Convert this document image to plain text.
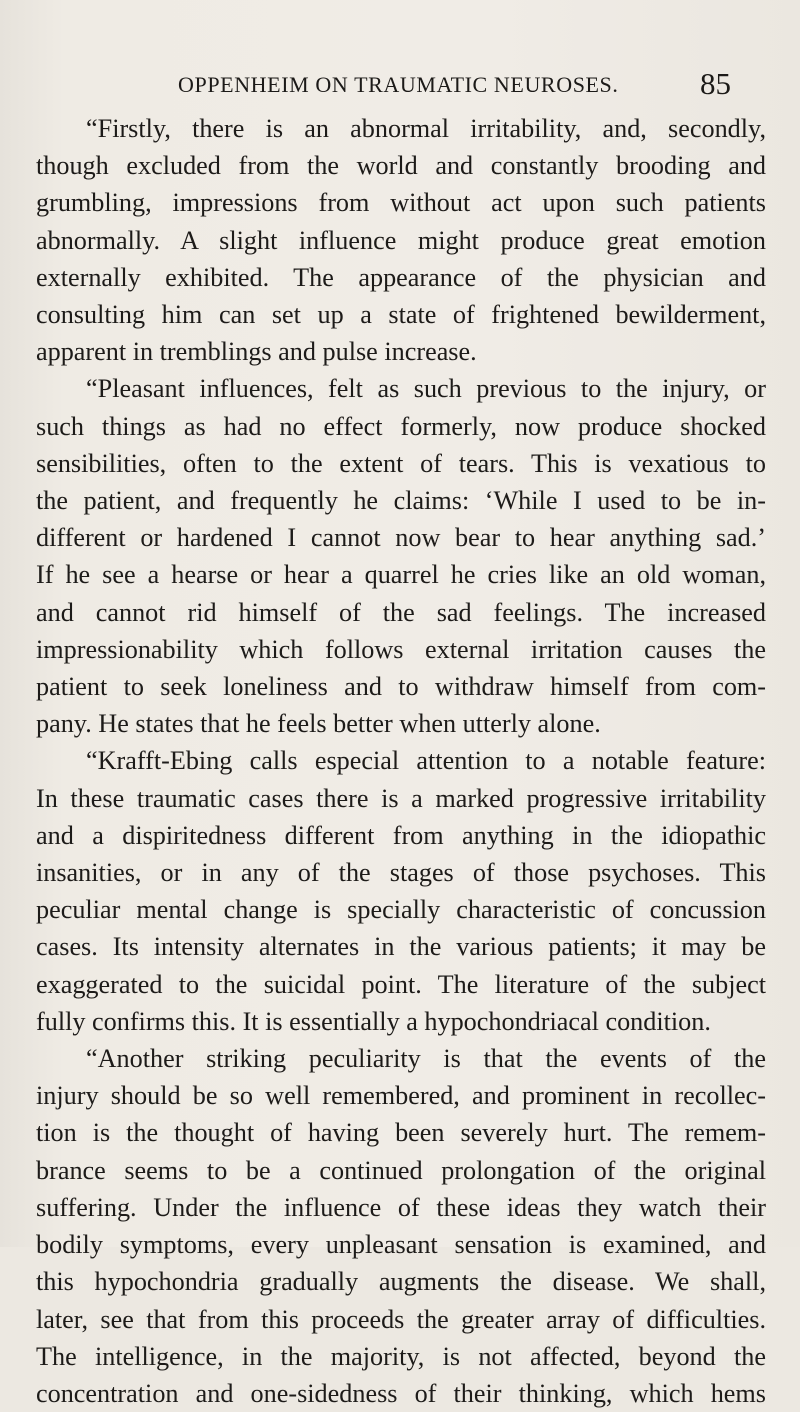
OPPENHEIM ON TRAUMATIC NEUROSES.	85
“Firstly, there is an abnormal irritability, and, secondly,
though excluded from the world and constantly brooding and
grumbling, impressions from without act upon such patients
abnormally. A slight influence might produce great emotion
externally exhibited. The appearance of the physician and
consulting him can set up a state of frightened bewilderment,
apparent in tremblings and pulse increase.
“Pleasant influences, felt as such previous to the injury, or
such things as had no effect formerly, now produce shocked
sensibilities, often to the extent of tears. This is vexatious to
the patient, and frequently he claims: ‘While I used to be in-
different or hardened I cannot now bear to hear anything sad.’
If he see a hearse or hear a quarrel he cries like an old woman,
and cannot rid himself of the sad feelings. The increased
impressionability which follows external irritation causes the
patient to seek loneliness and to withdraw himself from com-
pany. He states that he feels better when utterly alone.
“Krafft-Ebing calls especial attention to a notable feature:
In these traumatic cases there is a marked progressive irritability
and a dispiritedness different from anything in the idiopathic
insanities, or in any of the stages of those psychoses. This
peculiar mental change is specially characteristic of concussion
cases. Its intensity alternates in the various patients; it may be
exaggerated to the suicidal point. The literature of the subject
fully confirms this. It is essentially a hypochondriacal condition.
“Another striking peculiarity is that the events of the
injury should be so well remembered, and prominent in recollec-
tion is the thought of having been severely hurt. The remem-
brance seems to be a continued prolongation of the original
suffering. Under the influence of these ideas they watch their
bodily symptoms, every unpleasant sensation is examined, and
this hypochondria gradually augments the disease. We shall,
later, see that from this proceeds the greater array of difficulties.
The intelligence, in the majority, is not affected, beyond the
concentration and one-sidedness of their thinking, which hems
